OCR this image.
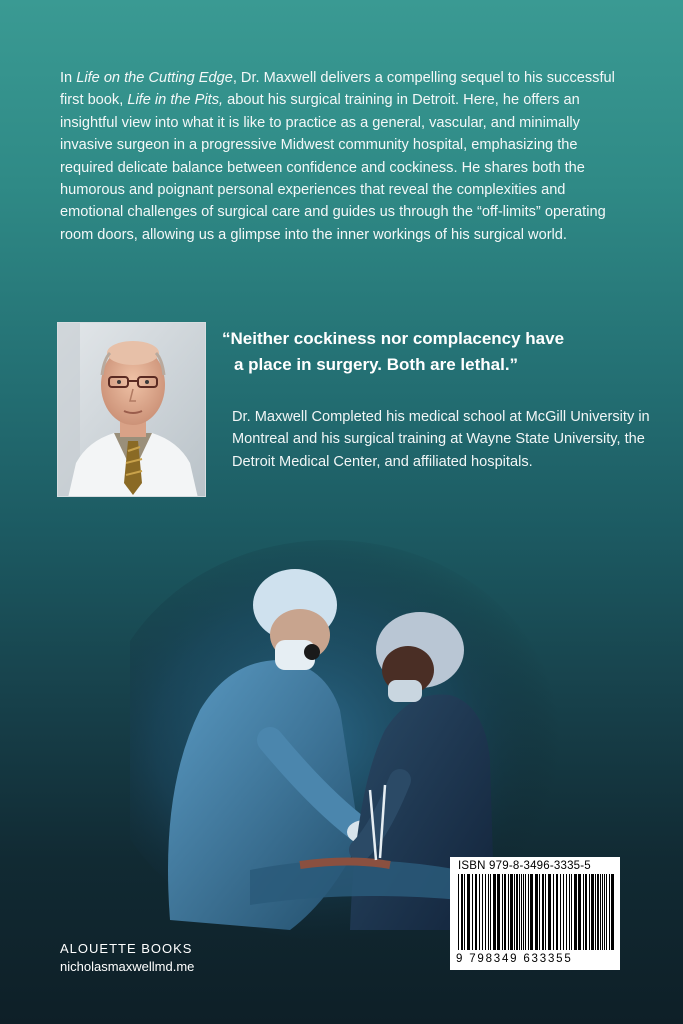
In Life on the Cutting Edge, Dr. Maxwell delivers a compelling sequel to his successful first book, Life in the Pits, about his surgical training in Detroit. Here, he offers an insightful view into what it is like to practice as a general, vascular, and minimally invasive surgeon in a progressive Midwest community hospital, emphasizing the required delicate balance between confidence and cockiness. He shares both the humorous and poignant personal experiences that reveal the complexities and emotional challenges of surgical care and guides us through the “off-limits” operating room doors, allowing us a glimpse into the inner workings of his surgical world.

“Neither cockiness nor complacency have
a place in surgery. Both are lethal.”

Dr. Maxwell Completed his medical school at McGill University in Montreal and his surgical training at Wayne State University, the Detroit Medical Center, and affiliated hospitals.

ALOUETTE BOOKS
nicholasmaxwellmd.me
ISBN 979-8-3496-3335-5
9 798349 633355
